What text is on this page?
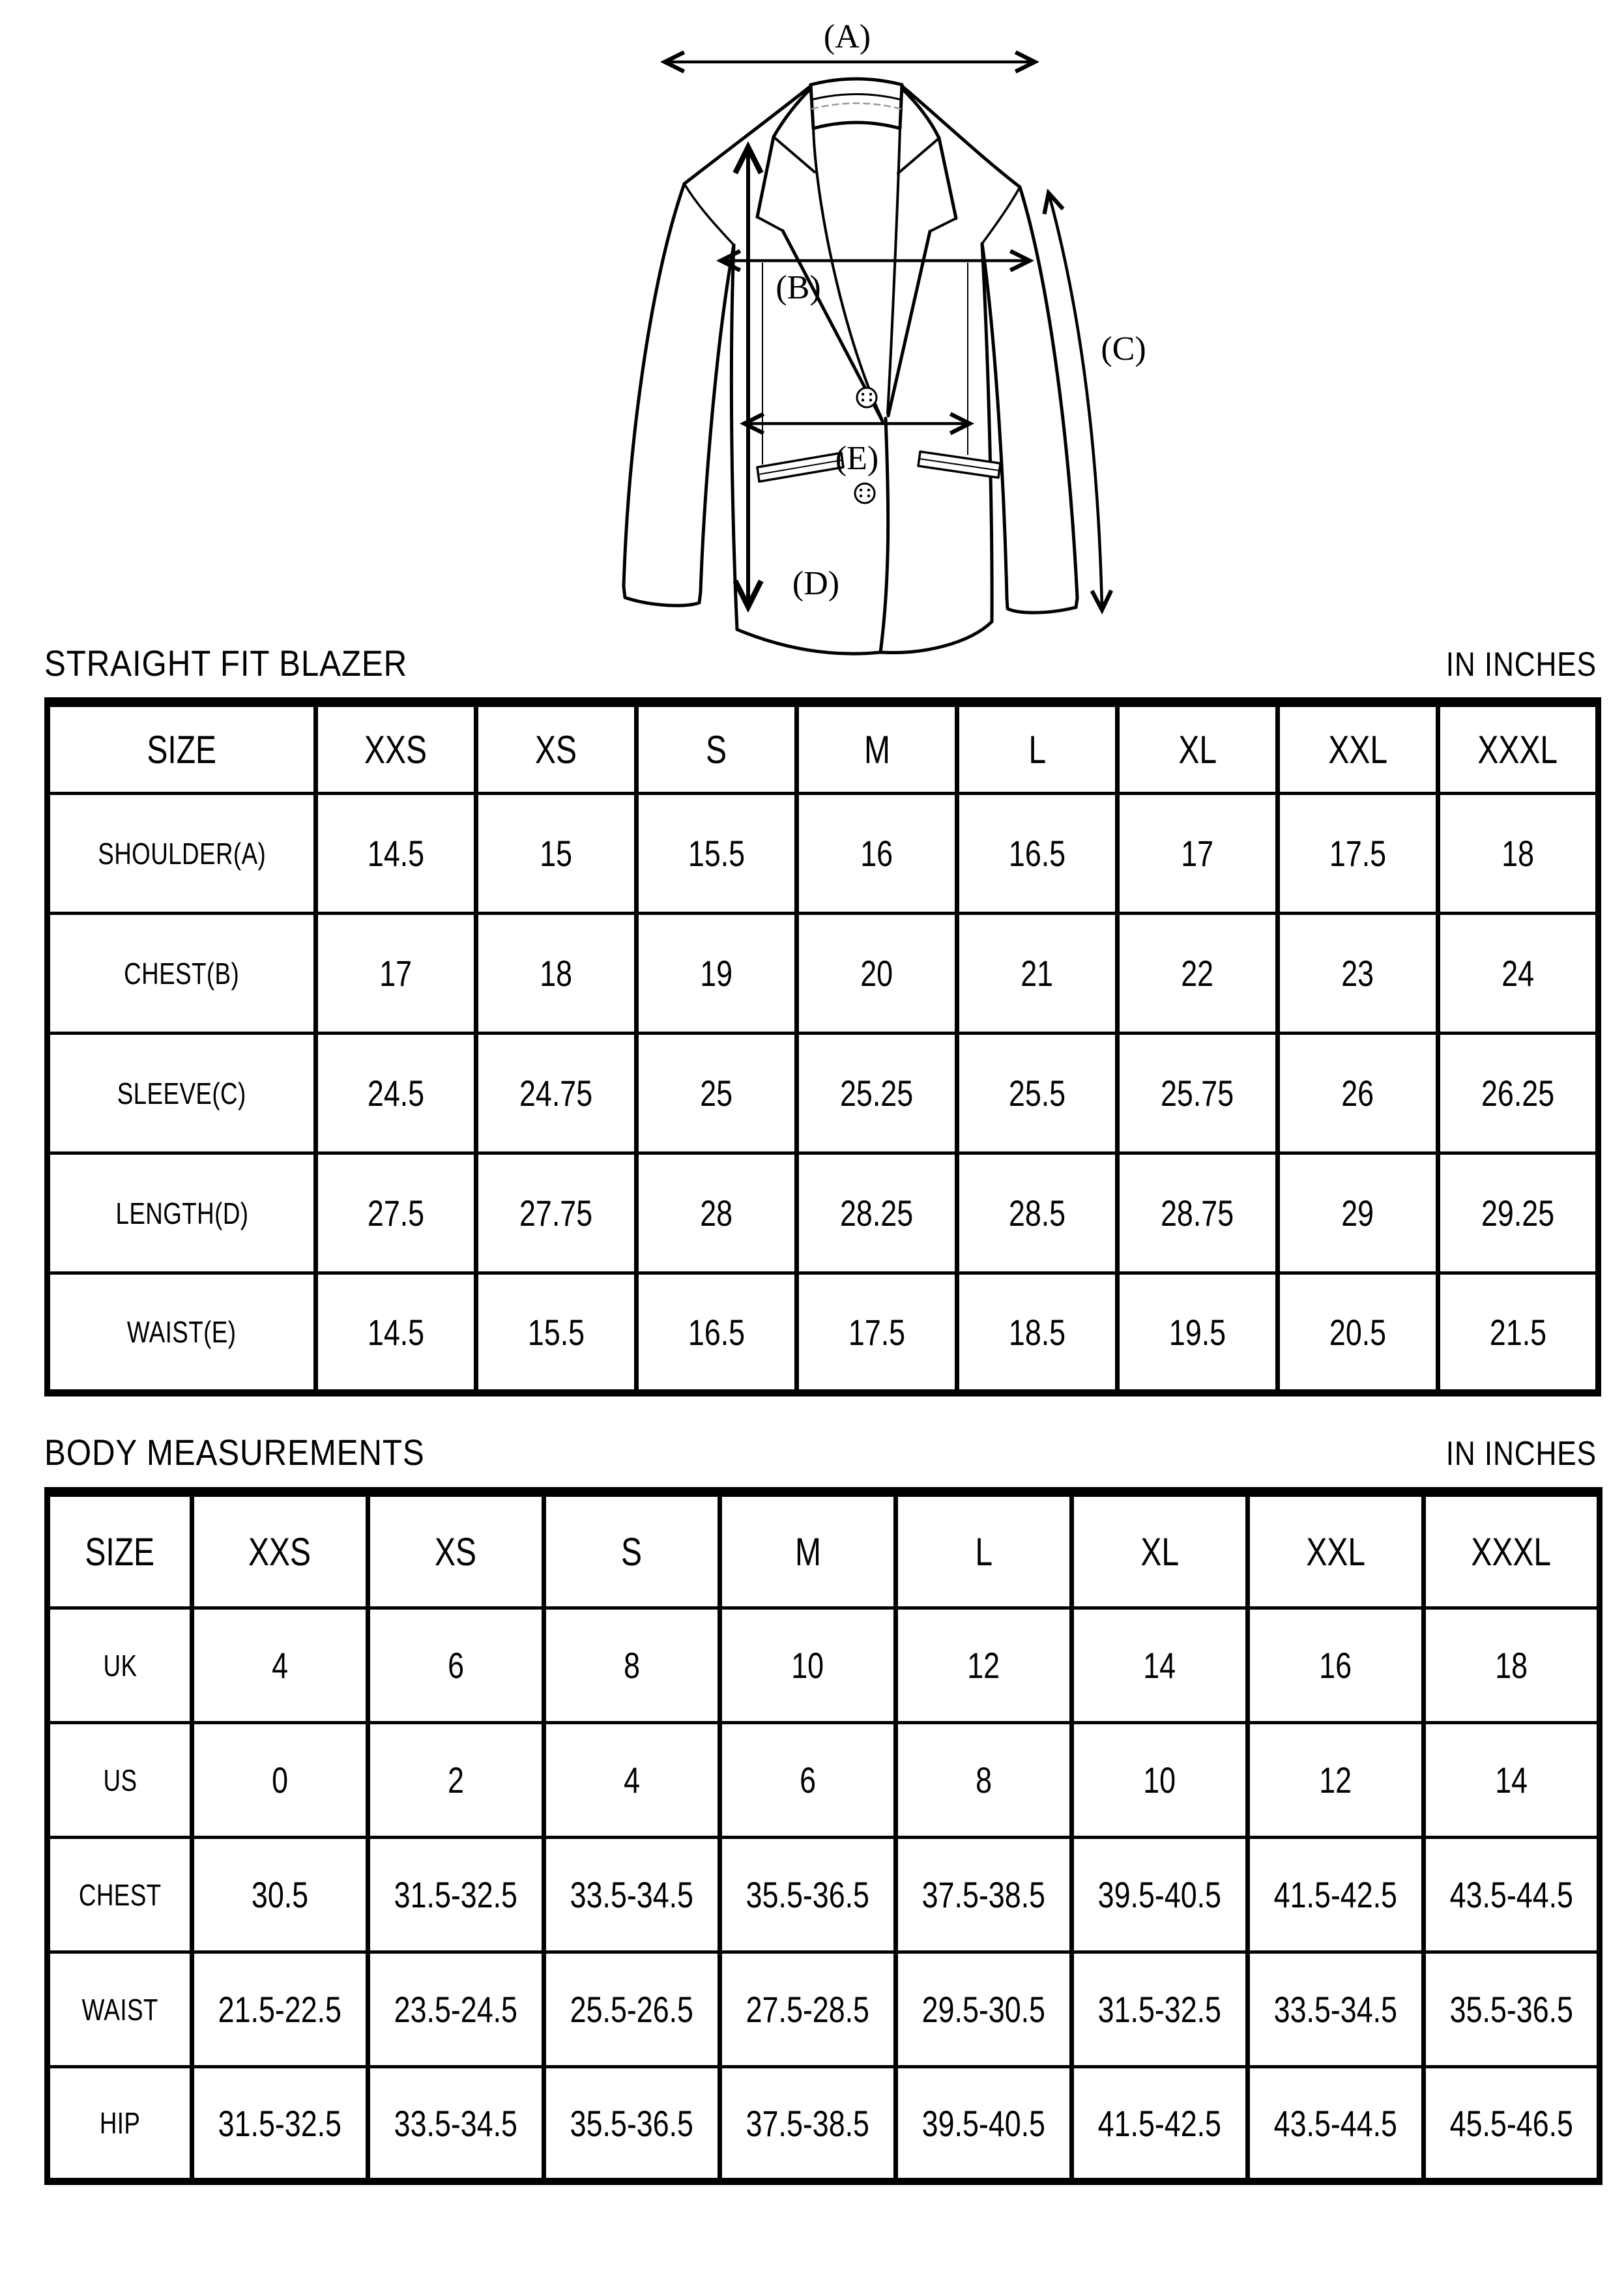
(A)
(B)
(C)
(D)
(E)
STRAIGHT FIT BLAZER	IN INCHES
SIZE	XXS	XS	S	M	L	XL	XXL	XXXL
SHOULDER(A)	14.5	15	15.5	16	16.5	17	17.5	18
CHEST(B)	17	18	19	20	21	22	23	24
SLEEVE(C)	24.5	24.75	25	25.25	25.5	25.75	26	26.25
LENGTH(D)	27.5	27.75	28	28.25	28.5	28.75	29	29.25
WAIST(E)	14.5	15.5	16.5	17.5	18.5	19.5	20.5	21.5
BODY MEASUREMENTS	IN INCHES
SIZE	XXS	XS	S	M	L	XL	XXL	XXXL
UK	4	6	8	10	12	14	16	18
US	0	2	4	6	8	10	12	14
CHEST	30.5	31.5-32.5	33.5-34.5	35.5-36.5	37.5-38.5	39.5-40.5	41.5-42.5	43.5-44.5
WAIST	21.5-22.5	23.5-24.5	25.5-26.5	27.5-28.5	29.5-30.5	31.5-32.5	33.5-34.5	35.5-36.5
HIP	31.5-32.5	33.5-34.5	35.5-36.5	37.5-38.5	39.5-40.5	41.5-42.5	43.5-44.5	45.5-46.5
